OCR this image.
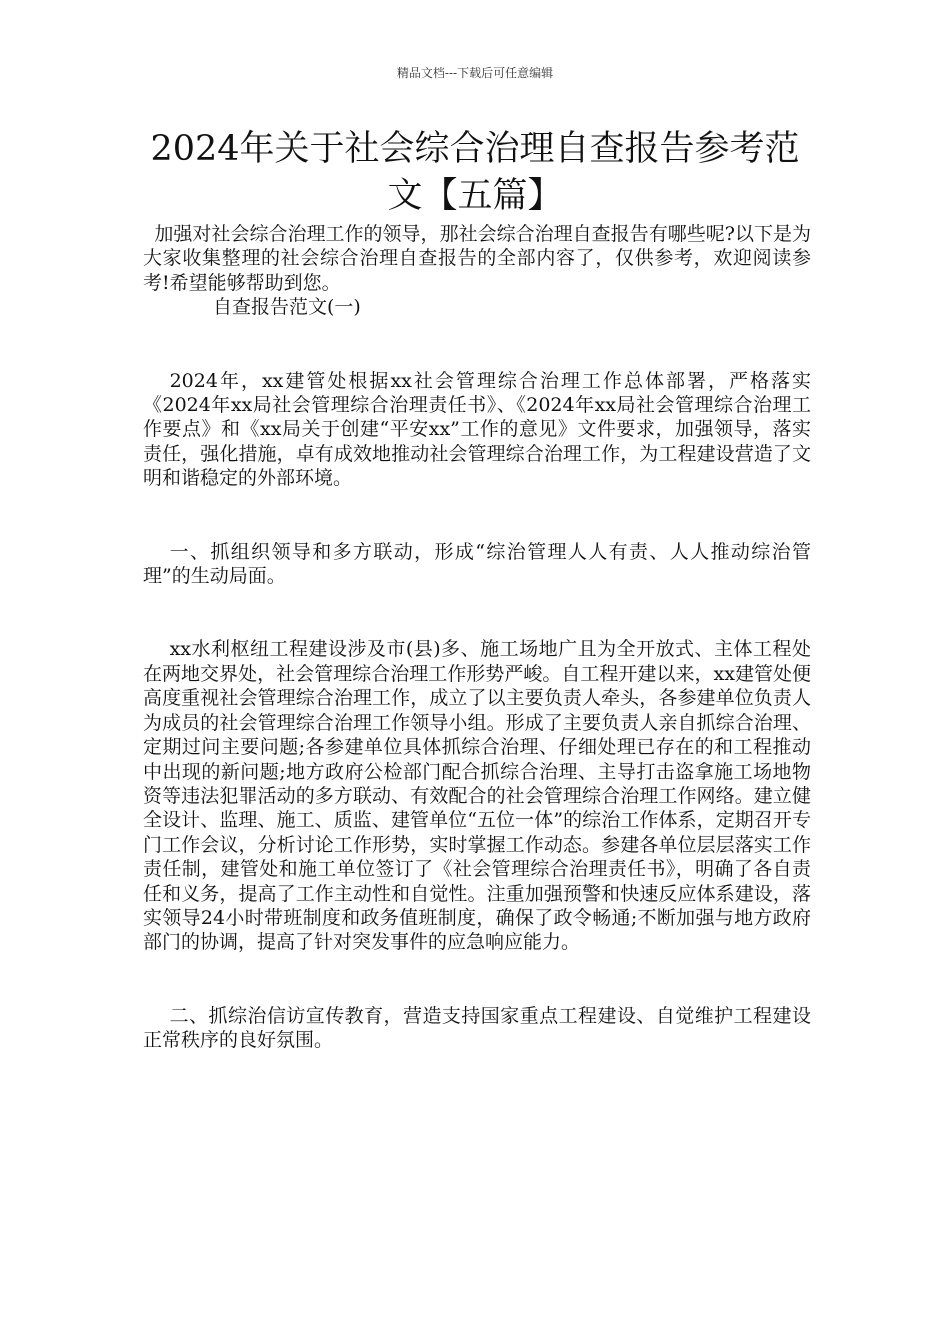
精品文档---下载后可任意编辑
2024年关于社会综合治理自查报告参考范文【五篇】

加强对社会综合治理工作的领导，那社会综合治理自查报告有哪些呢?以下是为大家收集整理的社会综合治理自查报告的全部内容了，仅供参考，欢迎阅读参考!希望能够帮助到您。

自查报告范文(一)

2024年，xx建管处根据xx社会管理综合治理工作总体部署，严格落实《2024年xx局社会管理综合治理责任书》、《2024年xx局社会管理综合治理工作要点》和《xx局关于创建“平安xx”工作的意见》文件要求，加强领导，落实责任，强化措施，卓有成效地推动社会管理综合治理工作，为工程建设营造了文明和谐稳定的外部环境。

一、抓组织领导和多方联动，形成“综治管理人人有责、人人推动综治管理”的生动局面。

xx水利枢纽工程建设涉及市(县)多、施工场地广且为全开放式、主体工程处在两地交界处，社会管理综合治理工作形势严峻。自工程开建以来，xx建管处便高度重视社会管理综合治理工作，成立了以主要负责人牵头，各参建单位负责人为成员的社会管理综合治理工作领导小组。形成了主要负责人亲自抓综合治理、定期过问主要问题;各参建单位具体抓综合治理、仔细处理已存在的和工程推动中出现的新问题;地方政府公检部门配合抓综合治理、主导打击盗拿施工场地物资等违法犯罪活动的多方联动、有效配合的社会管理综合治理工作网络。建立健全设计、监理、施工、质监、建管单位“五位一体”的综治工作体系，定期召开专门工作会议，分析讨论工作形势，实时掌握工作动态。参建各单位层层落实工作责任制，建管处和施工单位签订了《社会管理综合治理责任书》，明确了各自责任和义务，提高了工作主动性和自觉性。注重加强预警和快速反应体系建设，落实领导24小时带班制度和政务值班制度，确保了政令畅通;不断加强与地方政府部门的协调，提高了针对突发事件的应急响应能力。

二、抓综治信访宣传教育，营造支持国家重点工程建设、自觉维护工程建设正常秩序的良好氛围。
